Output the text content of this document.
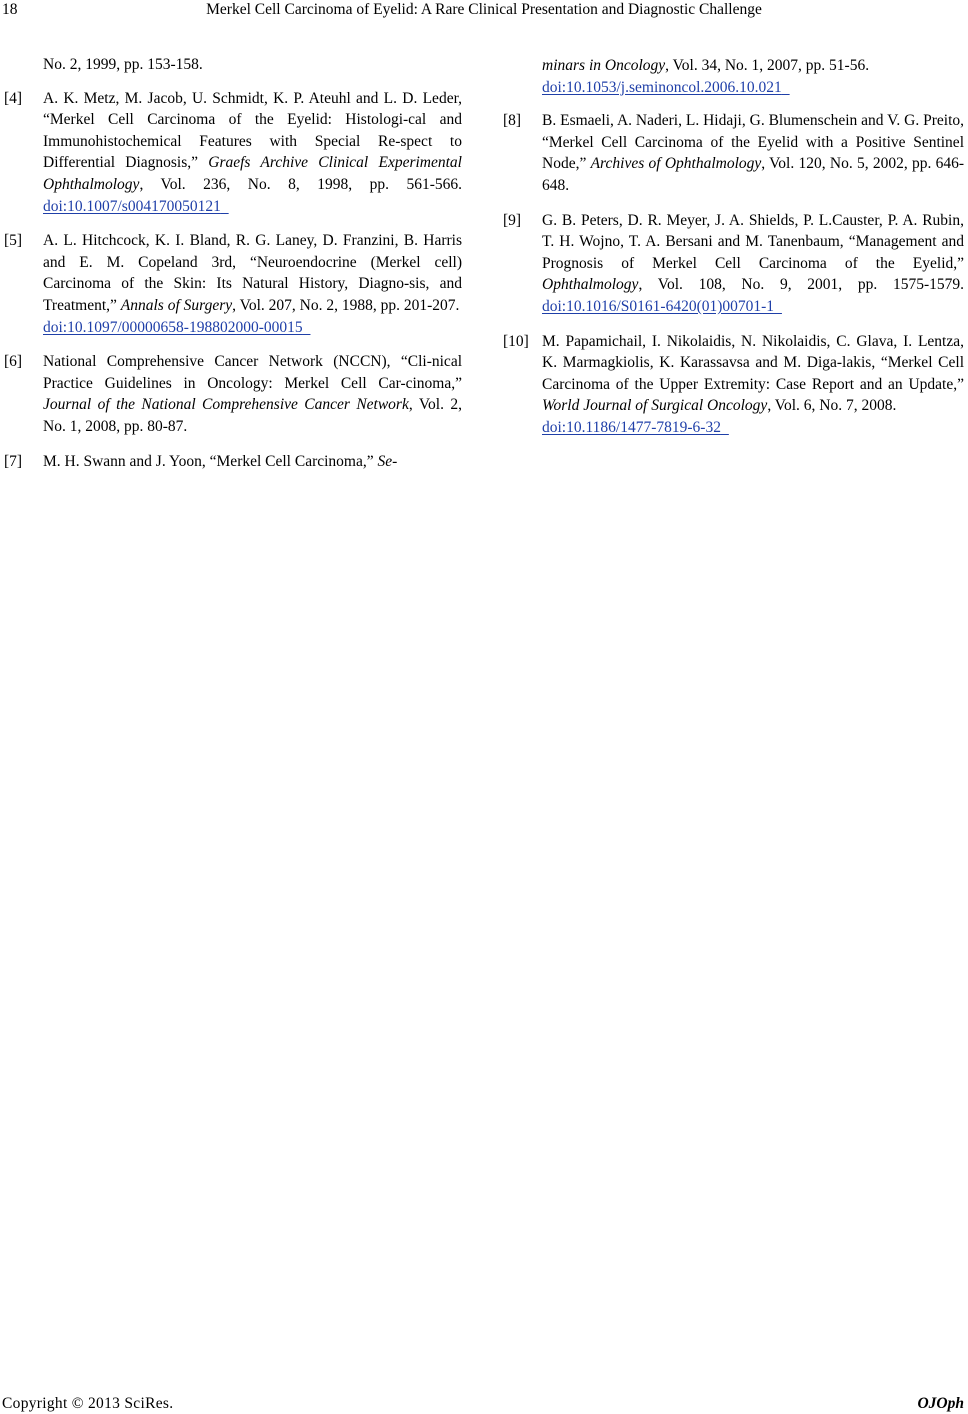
18	Merkel Cell Carcinoma of Eyelid: A Rare Clinical Presentation and Diagnostic Challenge
No. 2, 1999, pp. 153-158.
[4] A. K. Metz, M. Jacob, U. Schmidt, K. P. Ateuhl and L. D. Leder, “Merkel Cell Carcinoma of the Eyelid: Histologi-cal and Immunohistochemical Features with Special Re-spect to Differential Diagnosis,” Graefs Archive Clinical Experimental Ophthalmology, Vol. 236, No. 8, 1998, pp. 561-566. doi:10.1007/s004170050121
[5] A. L. Hitchcock, K. I. Bland, R. G. Laney, D. Franzini, B. Harris and E. M. Copeland 3rd, “Neuroendocrine (Merkel cell) Carcinoma of the Skin: Its Natural History, Diagno-sis, and Treatment,” Annals of Surgery, Vol. 207, No. 2, 1988, pp. 201-207.
doi:10.1097/00000658-198802000-00015
[6] National Comprehensive Cancer Network (NCCN), “Cli-nical Practice Guidelines in Oncology: Merkel Cell Car-cinoma,” Journal of the National Comprehensive Cancer Network, Vol. 2, No. 1, 2008, pp. 80-87.
[7] M. H. Swann and J. Yoon, “Merkel Cell Carcinoma,” Se-
minars in Oncology, Vol. 34, No. 1, 2007, pp. 51-56.
doi:10.1053/j.seminoncol.2006.10.021
[8] B. Esmaeli, A. Naderi, L. Hidaji, G. Blumenschein and V. G. Preito, “Merkel Cell Carcinoma of the Eyelid with a Positive Sentinel Node,” Archives of Ophthalmology, Vol. 120, No. 5, 2002, pp. 646-648.
[9] G. B. Peters, D. R. Meyer, J. A. Shields, P. L.Causter, P. A. Rubin, T. H. Wojno, T. A. Bersani and M. Tanenbaum, “Management and Prognosis of Merkel Cell Carcinoma of the Eyelid,” Ophthalmology, Vol. 108, No. 9, 2001, pp. 1575-1579. doi:10.1016/S0161-6420(01)00701-1
[10] M. Papamichail, I. Nikolaidis, N. Nikolaidis, C. Glava, I. Lentza, K. Marmagkiolis, K. Karassavsa and M. Diga-lakis, “Merkel Cell Carcinoma of the Upper Extremity: Case Report and an Update,” World Journal of Surgical Oncology, Vol. 6, No. 7, 2008.
doi:10.1186/1477-7819-6-32
Copyright © 2013 SciRes.	OJOph
